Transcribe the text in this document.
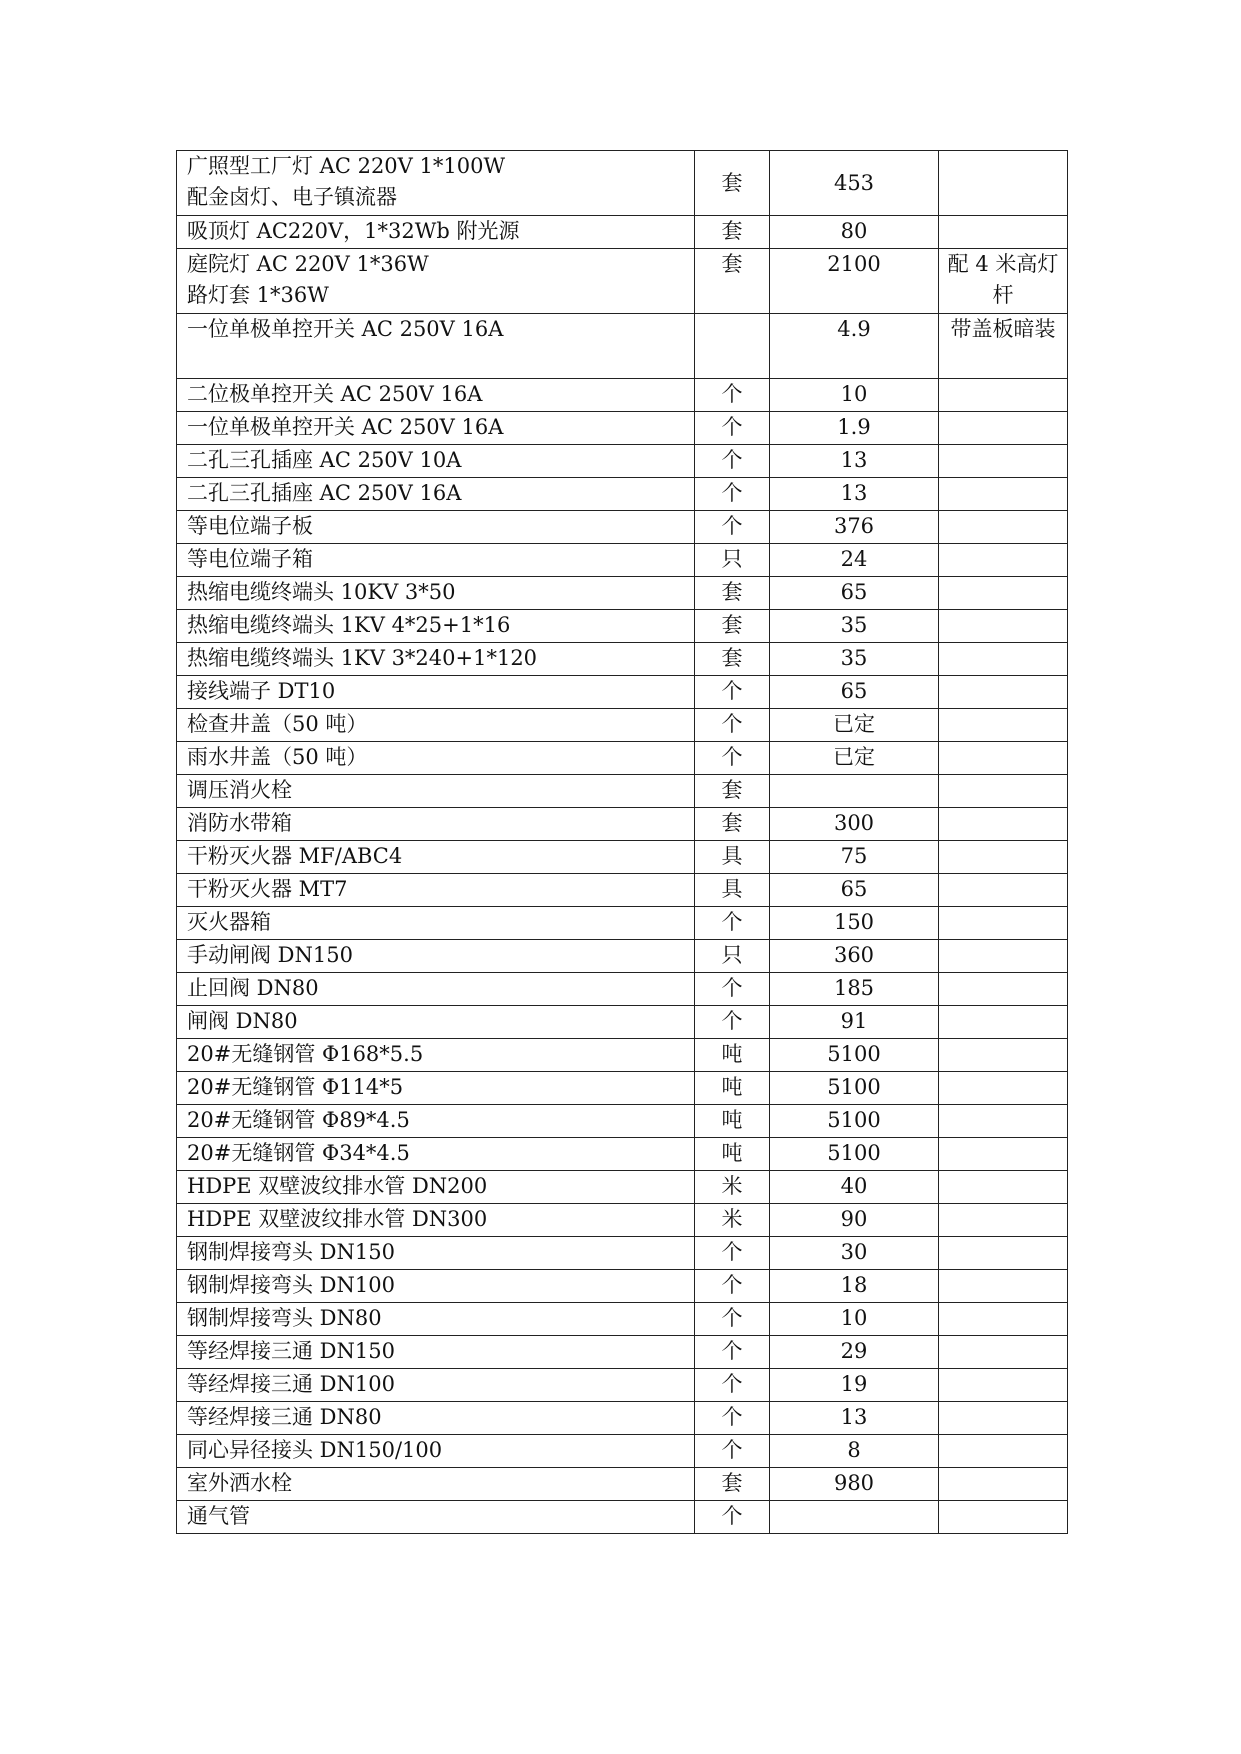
广照型工厂灯 AC 220V 1*100W
配金卤灯、电子镇流器	套	453	

吸顶灯 AC220V，1*32Wb 附光源	套	80	

庭院灯 AC 220V 1*36W
路灯套 1*36W	套	2100	配 4 米高灯杆

一位单极单控开关 AC 250V 16A		4.9	带盖板暗装

二位极单控开关 AC 250V 16A	个	10	

一位单极单控开关 AC 250V 16A	个	1.9	

二孔三孔插座 AC 250V 10A	个	13	

二孔三孔插座 AC 250V 16A	个	13	

等电位端子板	个	376	

等电位端子箱	只	24	

热缩电缆终端头 10KV 3*50	套	65	

热缩电缆终端头 1KV 4*25+1*16	套	35	

热缩电缆终端头 1KV 3*240+1*120	套	35	

接线端子 DT10	个	65	

检查井盖（50 吨）	个	已定	

雨水井盖（50 吨）	个	已定	

调压消火栓	套		

消防水带箱	套	300	

干粉灭火器 MF/ABC4	具	75	

干粉灭火器 MT7	具	65	

灭火器箱	个	150	

手动闸阀 DN150	只	360	

止回阀 DN80	个	185	

闸阀 DN80	个	91	

20#无缝钢管 Φ168*5.5	吨	5100	

20#无缝钢管 Φ114*5	吨	5100	

20#无缝钢管 Φ89*4.5	吨	5100	

20#无缝钢管 Φ34*4.5	吨	5100	

HDPE 双壁波纹排水管 DN200	米	40	

HDPE 双壁波纹排水管 DN300	米	90	

钢制焊接弯头 DN150	个	30	

钢制焊接弯头 DN100	个	18	

钢制焊接弯头 DN80	个	10	

等经焊接三通 DN150	个	29	

等经焊接三通 DN100	个	19	

等经焊接三通 DN80	个	13	

同心异径接头 DN150/100	个	8	

室外洒水栓	套	980	

通气管	个		
